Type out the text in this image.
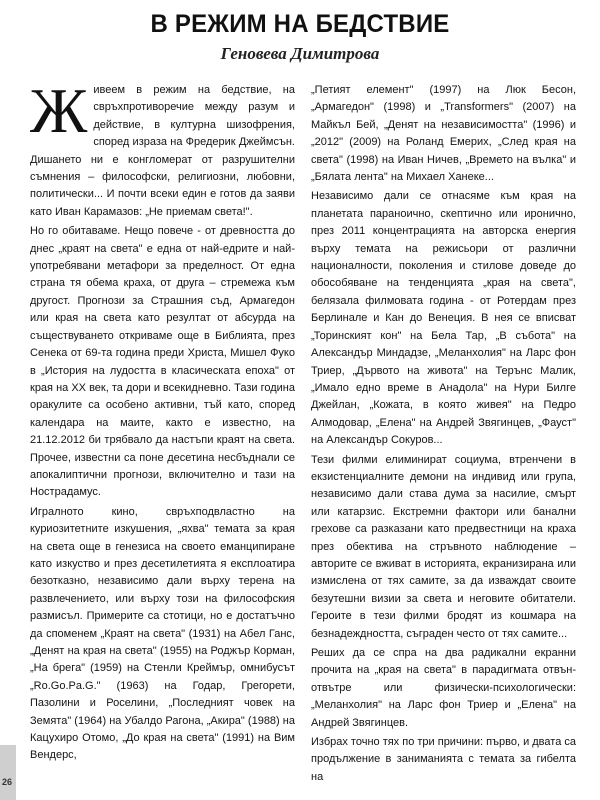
В РЕЖИМ НА БЕДСТВИЕ
Геновева Димитрова
Ж ивеем в режим на бедствие, на свръхпротиворечие между разум и действие, в културна шизофрения, според израза на Фредерик Джеймсън. Дишането ни е конгломерат от разрушителни съмнения – философски, религиозни, любовни, политически... И почти всеки един е готов да заяви като Иван Карамазов: „Не приемам света!".

Но го обитаваме. Нещо повече - от древността до днес „краят на света" е една от най-едрите и най-употребявани метафори за пределност. От една страна тя обема краха, от друга – стремежа към другост. Прогнози за Страшния съд, Армагедон или края на света като резултат от абсурда на съществуването откриваме още в Библията, през Сенека от 69-та година преди Христа, Мишел Фуко в „История на лудостта в класическата епоха" от края на XX век, та дори и всекидневно. Тази година оракулите са особено активни, тъй като, според календара на маите, както е известно, на 21.12.2012 би трябвало да настъпи краят на света. Прочее, известни са поне десетина несбъднали се апокалиптични прогнози, включително и тази на Нострадамус.

Игралното кино, свръхподвластно на куриозитетните изкушения, „яхва" темата за края на света още в генезиса на своето еманципиране като изкуство и през десетилетията я експлоатира безотказно, независимо дали върху терена на развлечението, или върху този на философския размисъл. Примерите са стотици, но е достатъчно да споменем „Краят на света" (1931) на Абел Ганс, „Денят на края на света" (1955) на Роджър Корман, „На брега" (1959) на Стенли Креймър, омнибусът „Ro.Go.Pa.G." (1963) на Годар, Грегорети, Пазолини и Роселини, „Последният човек на Земята" (1964) на Убалдо Рагона, „Акира" (1988) на Кацухиро Отомо, „До края на света" (1991) на Вим Вендерс,

„Петият елемент" (1997) на Люк Бесон, „Армагедон" (1998) и „Transformers" (2007) на Майкъл Бей, „Денят на независимостта" (1996) и „2012" (2009) на Роланд Емерих, „След края на света" (1998) на Иван Ничев, „Времето на вълка" и „Бялата лента" на Михаел Ханеке...

Независимо дали се отнасяме към края на планетата параноично, скептично или иронично, през 2011 концентрацията на авторска енергия върху темата на режисьори от различни националности, поколения и стилове доведе до обособяване на тенденцията „края на света", белязала филмовата година - от Ротердам през Берлинале и Кан до Венеция. В нея се вписват „Торинският кон" на Бела Тар, „В събота" на Александър Миндадзе, „Меланхолия" на Ларс фон Триер, „Дървото на живота" на Терънс Малик, „Имало едно време в Анадола" на Нури Билге Джейлан, „Кожата, в която живея" на Педро Алмодовар, „Елена" на Андрей Звягинцев, „Фауст" на Александър Сокуров...

Тези филми елиминират социума, втренчени в екзистенциалните демони на индивид или група, независимо дали става дума за насилие, смърт или катарзис. Екстремни фактори или банални грехове са разказани като предвестници на краха през обектива на стръвното наблюдение – авторите се вживат в историята, екранизирана или измислена от тях самите, за да изваждат своите безутешни визии за света и неговите обитатели. Героите в тези филми бродят из кошмара на безнадеждността, съграден често от тях самите...

Реших да се спра на два радикални екранни прочита на „края на света" в парадигмата отвън-отвътре или физически-психологически: „Меланхолия" на Ларс фон Триер и „Елена" на Андрей Звягинцев.

Избрах точно тях по три причини: първо, и двата са продължение в заниманията с темата за гибелта на

26
